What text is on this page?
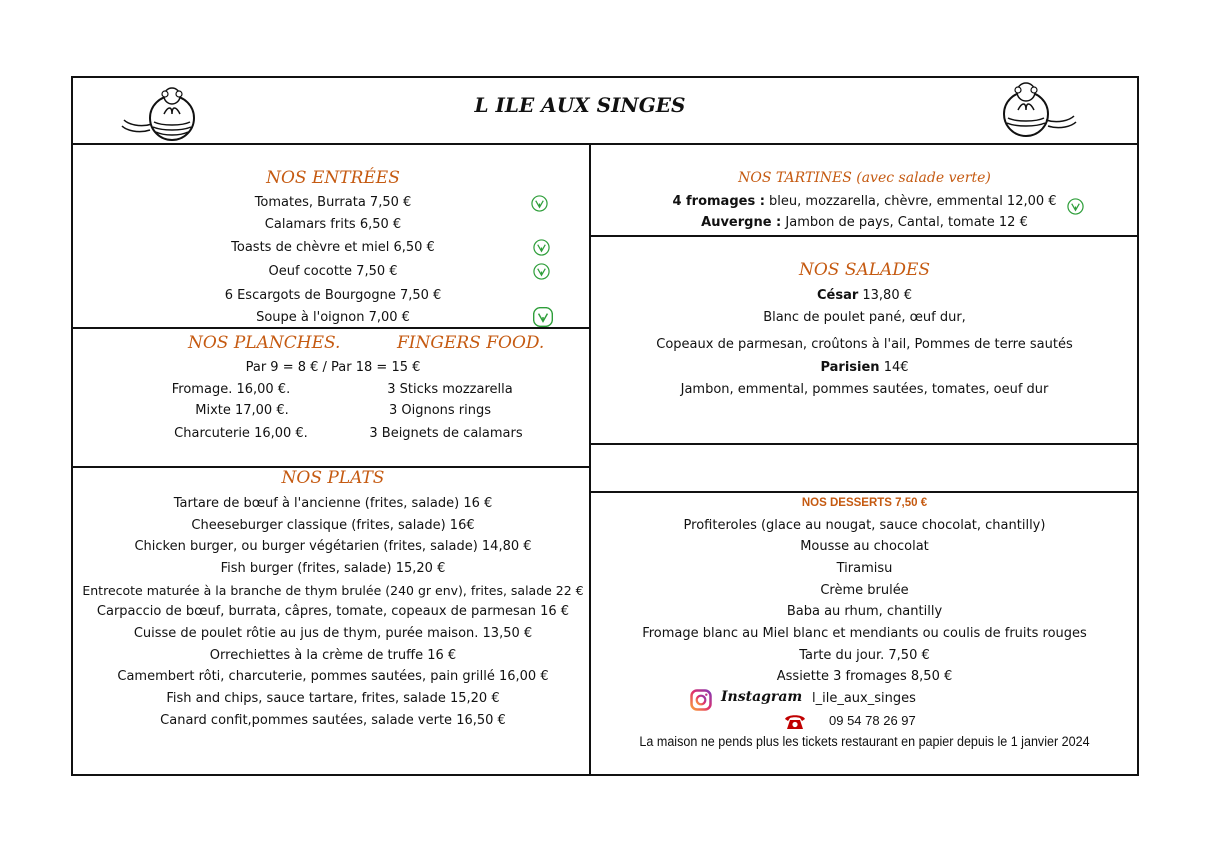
L ILE AUX SINGES
NOS ENTRÉES
Tomates, Burrata 7,50 €
Calamars frits 6,50 €
Toasts de chèvre et miel 6,50 €
Oeuf cocotte 7,50 €
6 Escargots de Bourgogne 7,50 €
Soupe à l'oignon 7,00 €
NOS PLANCHES.	FINGERS FOOD.
Par 9 = 8 € / Par 18 = 15 €
Fromage. 16,00 €.
Mixte 17,00 €.
Charcuterie 16,00 €.
3 Sticks mozzarella
3 Oignons rings
3 Beignets de calamars
NOS PLATS
Tartare de bœuf à l'ancienne (frites, salade) 16 €
Cheeseburger classique (frites, salade) 16€
Chicken burger, ou burger végétarien (frites, salade) 14,80 €
Fish burger (frites, salade) 15,20 €
Entrecote maturée à la branche de thym brulée (240 gr env), frites, salade 22 €
Carpaccio de bœuf, burrata, câpres, tomate, copeaux de parmesan 16 €
Cuisse de poulet rôtie au jus de thym, purée maison. 13,50 €
Orrechiettes à la crème de truffe 16 €
Camembert rôti, charcuterie, pommes sautées, pain grillé 16,00 €
Fish and chips, sauce tartare, frites, salade 15,20 €
Canard confit,pommes sautées, salade verte 16,50 €
NOS TARTINES (avec salade verte)
4 fromages : bleu, mozzarella, chèvre, emmental 12,00 €
Auvergne : Jambon de pays, Cantal, tomate 12 €
NOS SALADES
César 13,80 €
Blanc de poulet pané, œuf dur,
Copeaux de parmesan, croûtons à l'ail, Pommes de terre sautés
Parisien 14€
Jambon, emmental, pommes sautées, tomates, oeuf dur
NOS DESSERTS 7,50 €
Profiteroles (glace au nougat, sauce chocolat, chantilly)
Mousse au chocolat
Tiramisu
Crème brulée
Baba au rhum, chantilly
Fromage blanc au Miel blanc et mendiants ou coulis de fruits rouges
Tarte du jour. 7,50 €
Assiette 3 fromages 8,50 €
Instagram l_ile_aux_singes
09 54 78 26 97
La maison ne pends plus les tickets restaurant en papier depuis le 1 janvier 2024
